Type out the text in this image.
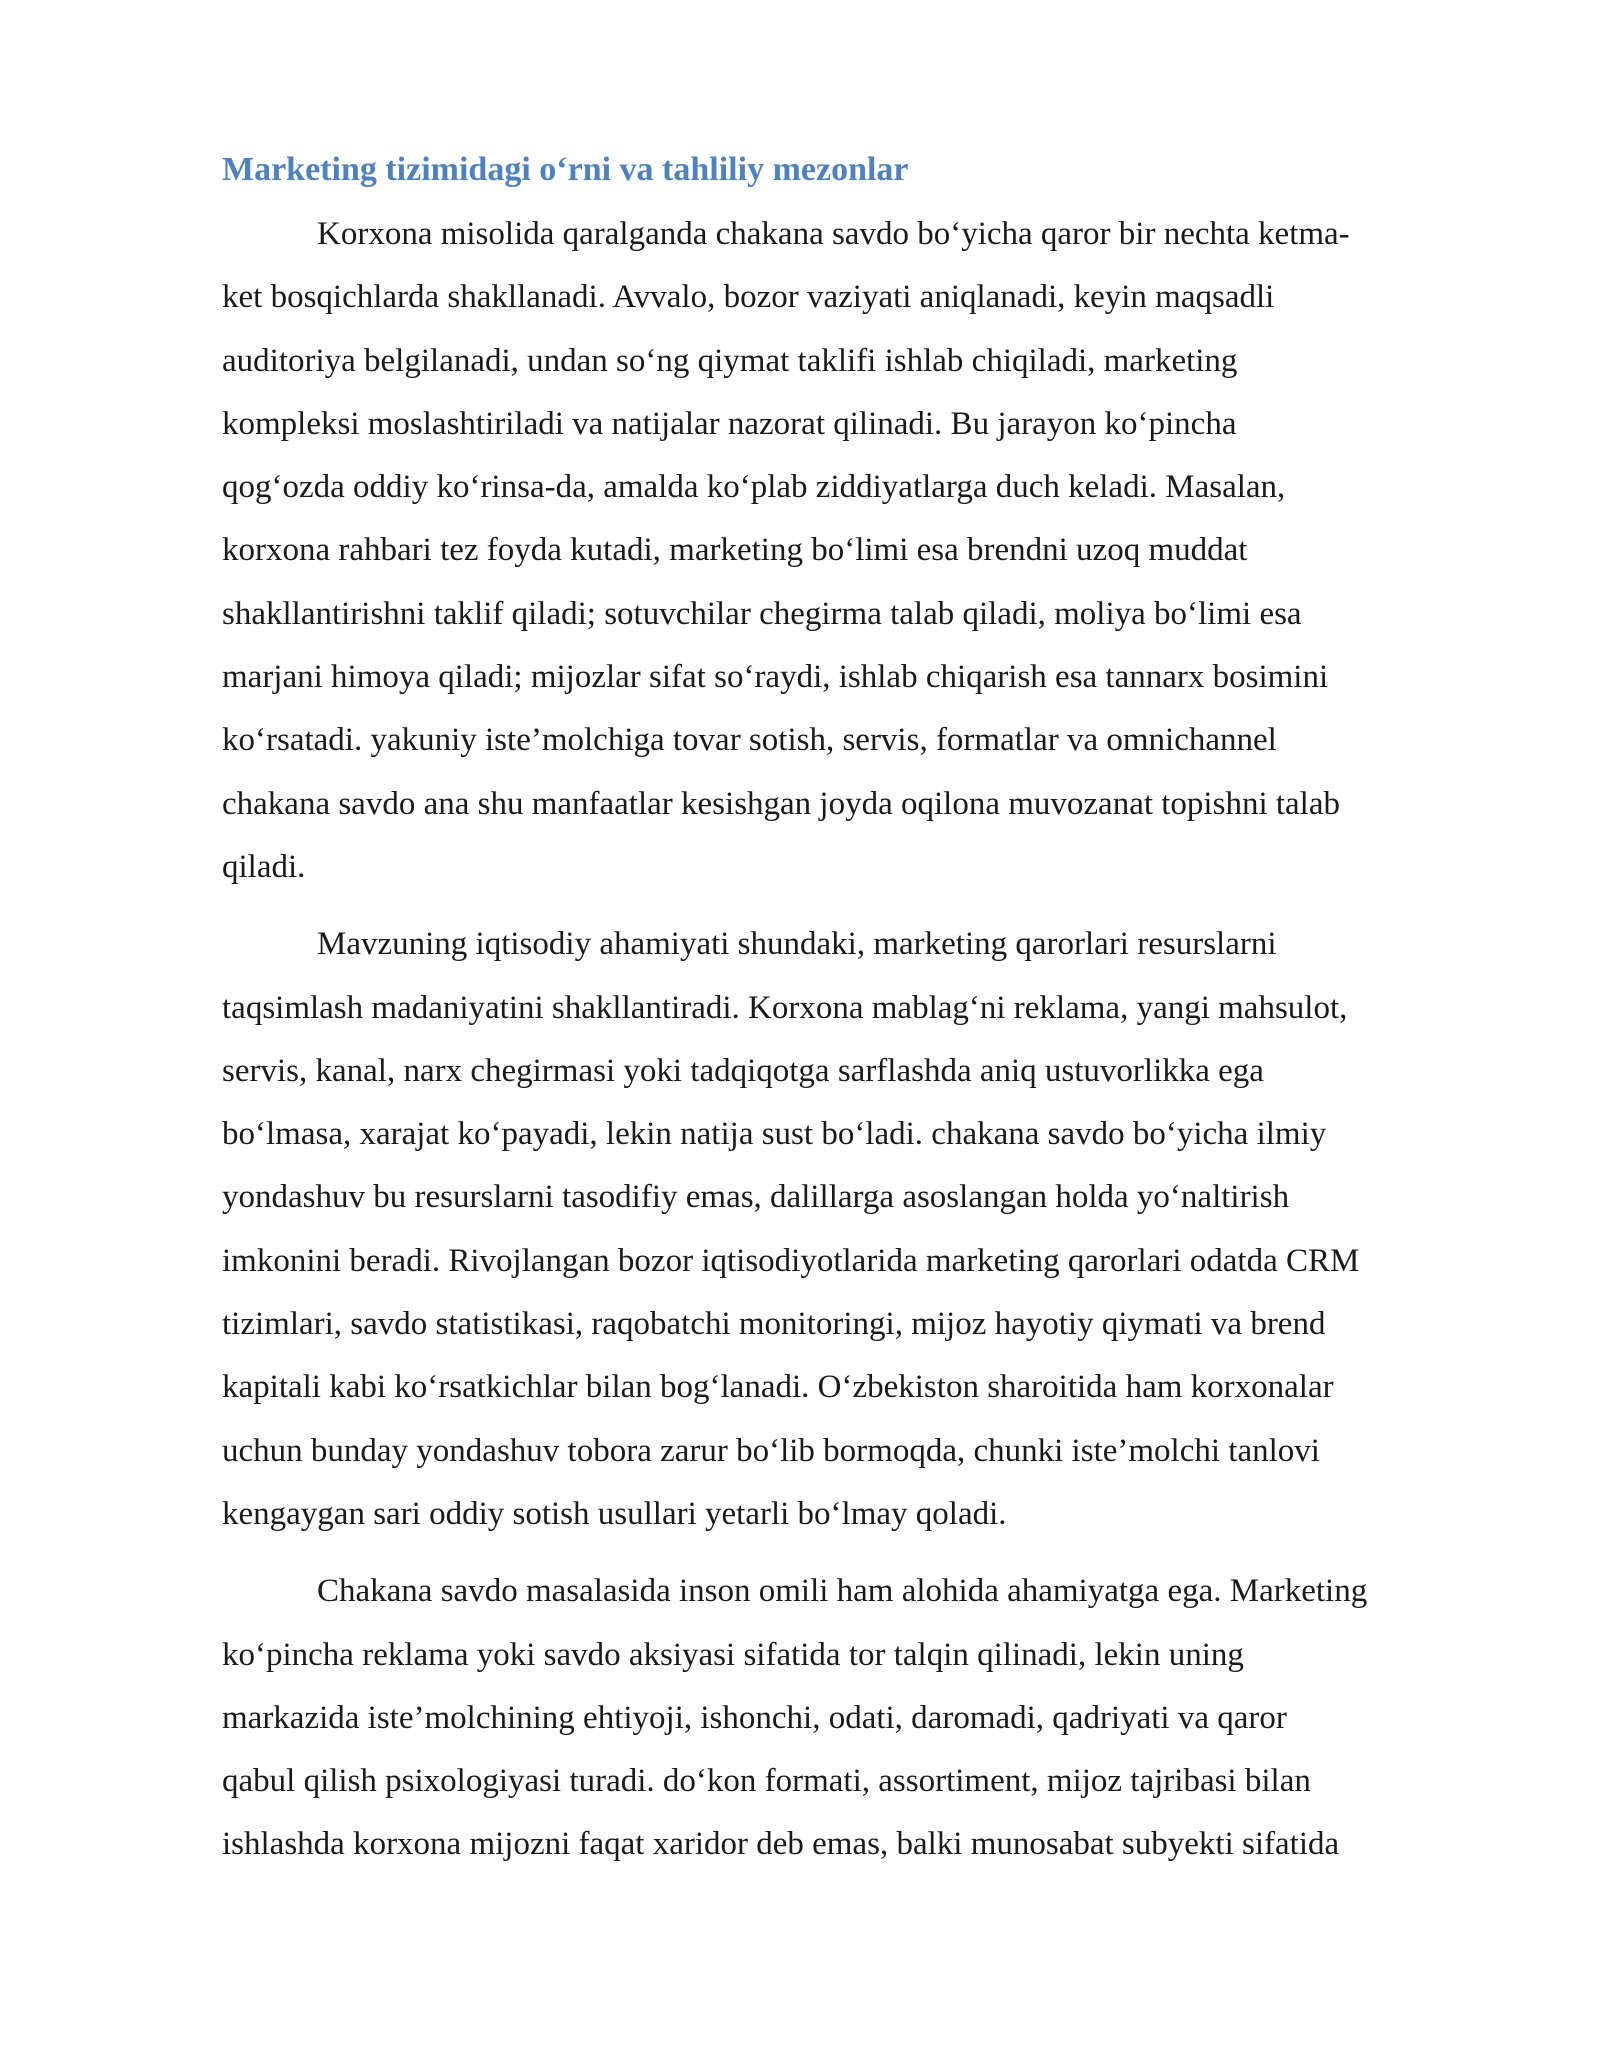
Marketing tizimidagi o‘rni va tahliliy mezonlar
Korxona misolida qaralganda chakana savdo bo‘yicha qaror bir nechta ketma-
ket bosqichlarda shakllanadi. Avvalo, bozor vaziyati aniqlanadi, keyin maqsadli
auditoriya belgilanadi, undan so‘ng qiymat taklifi ishlab chiqiladi, marketing
kompleksi moslashtiriladi va natijalar nazorat qilinadi. Bu jarayon ko‘pincha
qog‘ozda oddiy ko‘rinsa-da, amalda ko‘plab ziddiyatlarga duch keladi. Masalan,
korxona rahbari tez foyda kutadi, marketing bo‘limi esa brendni uzoq muddat
shakllantirishni taklif qiladi; sotuvchilar chegirma talab qiladi, moliya bo‘limi esa
marjani himoya qiladi; mijozlar sifat so‘raydi, ishlab chiqarish esa tannarx bosimini
ko‘rsatadi. yakuniy iste’molchiga tovar sotish, servis, formatlar va omnichannel
chakana savdo ana shu manfaatlar kesishgan joyda oqilona muvozanat topishni talab
qiladi.
Mavzuning iqtisodiy ahamiyati shundaki, marketing qarorlari resurslarni
taqsimlash madaniyatini shakllantiradi. Korxona mablag‘ni reklama, yangi mahsulot,
servis, kanal, narx chegirmasi yoki tadqiqotga sarflashda aniq ustuvorlikka ega
bo‘lmasa, xarajat ko‘payadi, lekin natija sust bo‘ladi. chakana savdo bo‘yicha ilmiy
yondashuv bu resurslarni tasodifiy emas, dalillarga asoslangan holda yo‘naltirish
imkonini beradi. Rivojlangan bozor iqtisodiyotlarida marketing qarorlari odatda CRM
tizimlari, savdo statistikasi, raqobatchi monitoringi, mijoz hayotiy qiymati va brend
kapitali kabi ko‘rsatkichlar bilan bog‘lanadi. O‘zbekiston sharoitida ham korxonalar
uchun bunday yondashuv tobora zarur bo‘lib bormoqda, chunki iste’molchi tanlovi
kengaygan sari oddiy sotish usullari yetarli bo‘lmay qoladi.
Chakana savdo masalasida inson omili ham alohida ahamiyatga ega. Marketing
ko‘pincha reklama yoki savdo aksiyasi sifatida tor talqin qilinadi, lekin uning
markazida iste’molchining ehtiyoji, ishonchi, odati, daromadi, qadriyati va qaror
qabul qilish psixologiyasi turadi. do‘kon formati, assortiment, mijoz tajribasi bilan
ishlashda korxona mijozni faqat xaridor deb emas, balki munosabat subyekti sifatida
